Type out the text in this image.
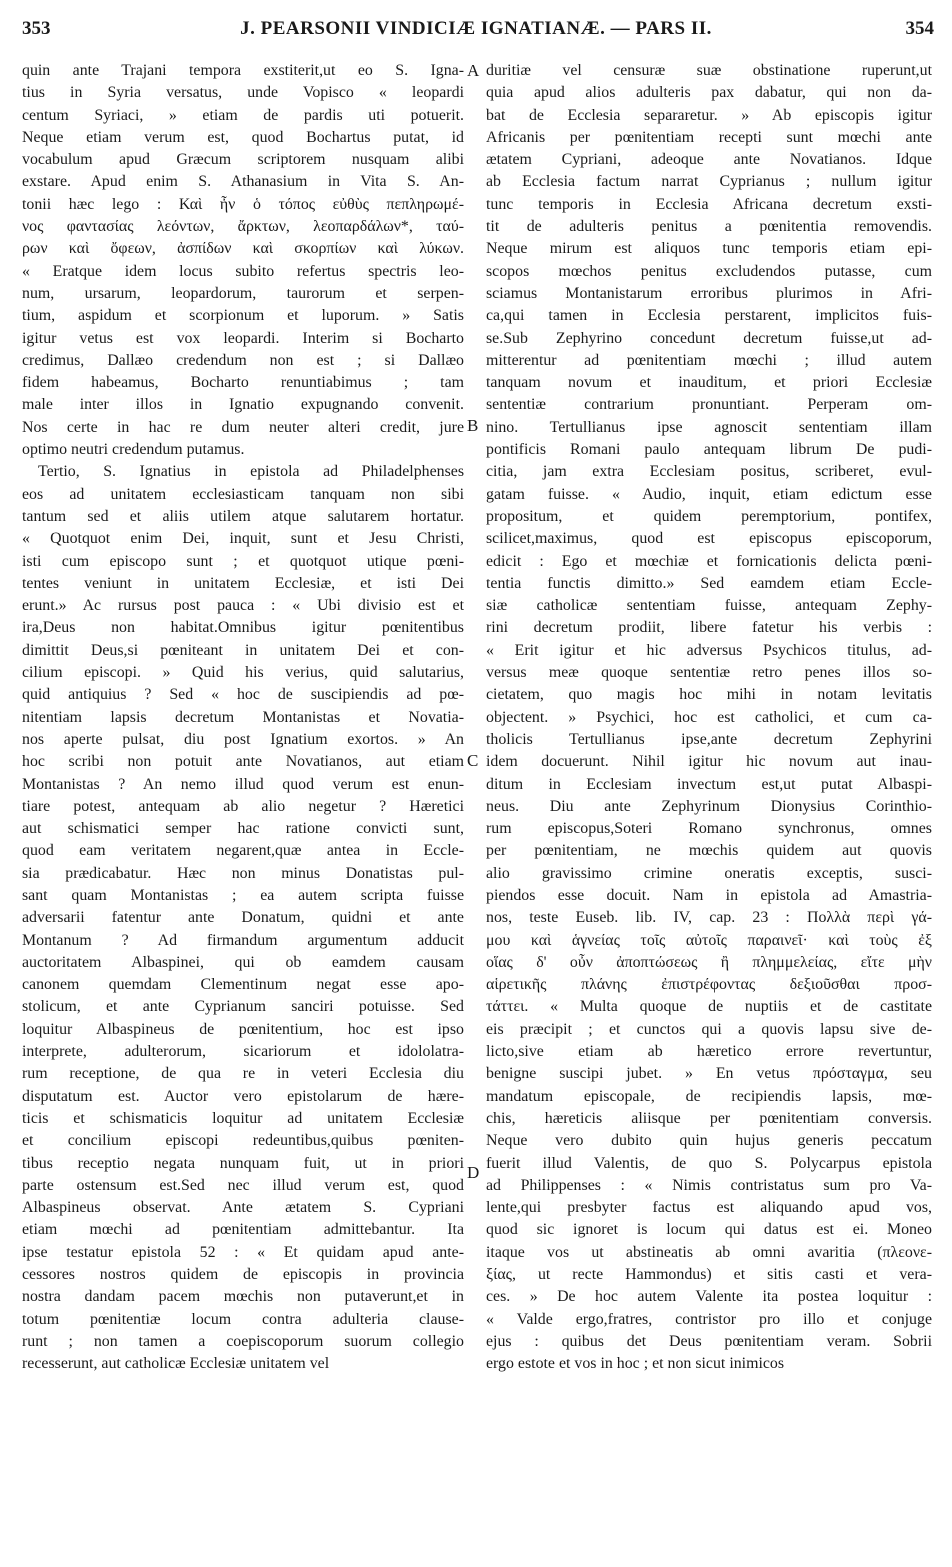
353	J. PEARSONII VINDICIÆ IGNATIANÆ. — PARS II.	354
quin ante Trajani tempora exstiterit,ut eo S. Igna-
tius in Syria versatus, unde Vopisco « leopardi
centum Syriaci, » etiam de pardis uti potuerit.
Neque etiam verum est, quod Bochartus putat, id
vocabulum apud Græcum scriptorem nusquam alibi
exstare. Apud enim S. Athanasium in Vita S. An-
tonii hæc lego : Καὶ ἦν ὁ τόπος εὐθὺς πεπληρωμέ-
νος φαντασίας λεόντων, ἄρκτων, λεοπαρδάλων*, ταύ-
ρων καὶ ὄφεων, ἀσπίδων καὶ σκορπίων καὶ λύκων.
« Eratque idem locus subito refertus spectris leo-
num, ursarum, leopardorum, taurorum et serpen-
tium, aspidum et scorpionum et luporum. » Satis
igitur vetus est vox leopardi. Interim si Bocharto
credimus, Dallæo credendum non est ; si Dallæo
fidem habeamus, Bocharto renuntiabimus ; tam
male inter illos in Ignatio expugnando convenit.
Nos certe in hac re dum neuter alteri credit, jure
optimo neutri credendum putamus.
Tertio, S. Ignatius in epistola ad Philadelphenses
eos ad unitatem ecclesiasticam tanquam non sibi
tantum sed et aliis utilem atque salutarem hortatur.
« Quotquot enim Dei, inquit, sunt et Jesu Christi,
isti cum episcopo sunt ; et quotquot utique pœni-
tentes veniunt in unitatem Ecclesiæ, et isti Dei
erunt.» Ac rursus post pauca : « Ubi divisio est et
ira,Deus non habitat.Omnibus igitur pœnitentibus
dimittit Deus,si pœniteant in unitatem Dei et con-
cilium episcopi. » Quid his verius, quid salutarius,
quid antiquius ? Sed « hoc de suscipiendis ad pœ-
nitentiam lapsis decretum Montanistas et Novatia-
nos aperte pulsat, diu post Ignatium exortos. » An
hoc scribi non potuit ante Novatianos, aut etiam
Montanistas ? An nemo illud quod verum est enun-
tiare potest, antequam ab alio negetur ? Hæretici
aut schismatici semper hac ratione convicti sunt,
quod eam veritatem negarent,quæ antea in Eccle-
sia prædicabatur. Hæc non minus Donatistas pul-
sant quam Montanistas ; ea autem scripta fuisse
adversarii fatentur ante Donatum, quidni et ante
Montanum ? Ad firmandum argumentum adducit
auctoritatem Albaspinei, qui ob eamdem causam
canonem quemdam Clementinum negat esse apo-
stolicum, et ante Cyprianum sanciri potuisse. Sed
loquitur Albaspineus de pœnitentium, hoc est ipso
interprete, adulterorum, sicariorum et idololatra-
rum receptione, de qua re in veteri Ecclesia diu
disputatum est. Auctor vero epistolarum de hære-
ticis et schismaticis loquitur ad unitatem Ecclesiæ
et concilium episcopi redeuntibus,quibus pœniten-
tibus receptio negata nunquam fuit, ut in priori
parte ostensum est.Sed nec illud verum est, quod
Albaspineus observat. Ante ætatem S. Cypriani
etiam mœchi ad pœnitentiam admittebantur. Ita
ipse testatur epistola 52 : « Et quidam apud ante-
cessores nostros quidem de episcopis in provincia
nostra dandam pacem mœchis non putaverunt,et in
totum pœnitentiæ locum contra adulteria clause-
runt ; non tamen a coepiscoporum suorum collegio
recesserunt, aut catholicæ Ecclesiæ unitatem vel
duritiæ vel censuræ suæ obstinatione ruperunt,ut
quia apud alios adulteris pax dabatur, qui non da-
bat de Ecclesia separaretur. » Ab episcopis igitur
Africanis per pœnitentiam recepti sunt mœchi ante
ætatem Cypriani, adeoque ante Novatianos. Idque
ab Ecclesia factum narrat Cyprianus ; nullum igitur
tunc temporis in Ecclesia Africana decretum exsti-
tit de adulteris penitus a pœnitentia removendis.
Neque mirum est aliquos tunc temporis etiam epi-
scopos mœchos penitus excludendos putasse, cum
sciamus Montanistarum erroribus plurimos in Afri-
ca,qui tamen in Ecclesia perstarent, implicitos fuis-
se.Sub Zephyrino concedunt decretum fuisse,ut ad-
mitterentur ad pœnitentiam mœchi ; illud autem
tanquam novum et inauditum, et priori Ecclesiæ
sententiæ contrarium pronuntiant. Perperam om-
nino. Tertullianus ipse agnoscit sententiam illam
pontificis Romani paulo antequam librum De pudi-
citia, jam extra Ecclesiam positus, scriberet, evul-
gatam fuisse. « Audio, inquit, etiam edictum esse
propositum, et quidem peremptorium, pontifex,
scilicet,maximus, quod est episcopus episcoporum,
edicit : Ego et mœchiæ et fornicationis delicta pœni-
tentia functis dimitto.» Sed eamdem etiam Eccle-
siæ catholicæ sententiam fuisse, antequam Zephy-
rini decretum prodiit, libere fatetur his verbis :
« Erit igitur et hic adversus Psychicos titulus, ad-
versus meæ quoque sententiæ retro penes illos so-
cietatem, quo magis hoc mihi in notam levitatis
objectent. » Psychici, hoc est catholici, et cum ca-
tholicis Tertullianus ipse,ante decretum Zephyrini
idem docuerunt. Nihil igitur hic novum aut inau-
ditum in Ecclesiam invectum est,ut putat Albaspi-
neus. Diu ante Zephyrinum Dionysius Corinthio-
rum episcopus,Soteri Romano synchronus, omnes
per pœnitentiam, ne mœchis quidem aut quovis
alio gravissimo crimine oneratis exceptis, susci-
piendos esse docuit. Nam in epistola ad Amastria-
nos, teste Euseb. lib. IV, cap. 23 : Πολλὰ περὶ γά-
μου καὶ ἁγνείας τοῖς αὐτοῖς παραινεῖ· καὶ τοὺς ἐξ
οἵας δ' οὖν ἀποπτώσεως ἢ πλημμελείας, εἴτε μὴν
αἱρετικῆς πλάνης ἐπιστρέφοντας δεξιοῦσθαι προσ-
τάττει. « Multa quoque de nuptiis et de castitate
eis præcipit ; et cunctos qui a quovis lapsu sive de-
licto,sive etiam ab hæretico errore revertuntur,
benigne suscipi jubet. » En vetus πρόσταγμα, seu
mandatum episcopale, de recipiendis lapsis, mœ-
chis, hæreticis aliisque per pœnitentiam conversis.
Neque vero dubito quin hujus generis peccatum
fuerit illud Valentis, de quo S. Polycarpus epistola
ad Philippenses : « Nimis contristatus sum pro Va-
lente,qui presbyter factus est aliquando apud vos,
quod sic ignoret is locum qui datus est ei. Moneo
itaque vos ut abstineatis ab omni avaritia (πλεονε-
ξίας, ut recte Hammondus) et sitis casti et vera-
ces. » De hoc autem Valente ita postea loquitur :
« Valde ergo,fratres, contristor pro illo et conjuge
ejus : quibus det Deus pœnitentiam veram. Sobrii
ergo estote et vos in hoc ; et non sicut inimicos
A
B
C
D
